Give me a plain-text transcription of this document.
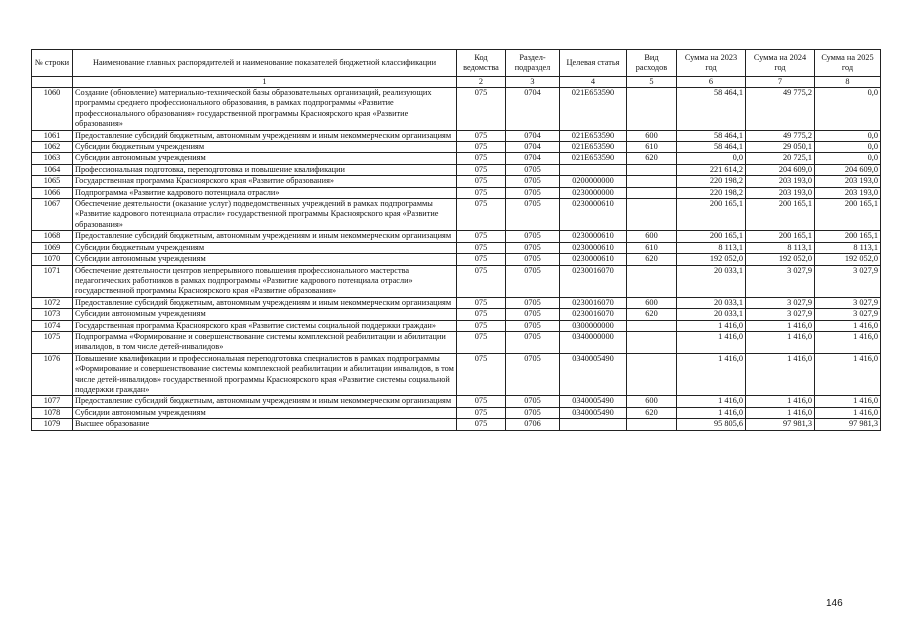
№ строки	Наименование главных распорядителей и наименование показателей бюджетной классификации	Код ведомства	Раздел-подраздел	Целевая статья	Вид расходов	Сумма на 2023 год	Сумма на 2024 год	Сумма на 2025 год
	1	2	3	4	5	6	7	8
1060	Создание (обновление) материально-технической базы образовательных организаций, реализующих программы среднего профессионального образования, в рамках подпрограммы «Развитие профессионального образования» государственной программы Красноярского края «Развитие образования»	075	0704	021E653590		58 464,1	49 775,2	0,0
1061	Предоставление субсидий бюджетным, автономным учреждениям и иным некоммерческим организациям	075	0704	021E653590	600	58 464,1	49 775,2	0,0
1062	Субсидии бюджетным учреждениям	075	0704	021E653590	610	58 464,1	29 050,1	0,0
1063	Субсидии автономным учреждениям	075	0704	021E653590	620	0,0	20 725,1	0,0
1064	Профессиональная подготовка, переподготовка и повышение квалификации	075	0705			221 614,2	204 609,0	204 609,0
1065	Государственная программа Красноярского края «Развитие образования»	075	0705	0200000000		220 198,2	203 193,0	203 193,0
1066	Подпрограмма «Развитие кадрового потенциала отрасли»	075	0705	0230000000		220 198,2	203 193,0	203 193,0
1067	Обеспечение деятельности (оказание услуг) подведомственных учреждений в рамках подпрограммы «Развитие кадрового потенциала отрасли» государственной программы Красноярского края «Развитие образования»	075	0705	0230000610		200 165,1	200 165,1	200 165,1
1068	Предоставление субсидий бюджетным, автономным учреждениям и иным некоммерческим организациям	075	0705	0230000610	600	200 165,1	200 165,1	200 165,1
1069	Субсидии бюджетным учреждениям	075	0705	0230000610	610	8 113,1	8 113,1	8 113,1
1070	Субсидии автономным учреждениям	075	0705	0230000610	620	192 052,0	192 052,0	192 052,0
1071	Обеспечение деятельности центров непрерывного повышения профессионального мастерства педагогических работников в рамках подпрограммы «Развитие кадрового потенциала отрасли» государственной программы Красноярского края «Развитие образования»	075	0705	0230016070		20 033,1	3 027,9	3 027,9
1072	Предоставление субсидий бюджетным, автономным учреждениям и иным некоммерческим организациям	075	0705	0230016070	600	20 033,1	3 027,9	3 027,9
1073	Субсидии автономным учреждениям	075	0705	0230016070	620	20 033,1	3 027,9	3 027,9
1074	Государственная программа Красноярского края «Развитие системы социальной поддержки граждан»	075	0705	0300000000		1 416,0	1 416,0	1 416,0
1075	Подпрограмма «Формирование и совершенствование системы комплексной реабилитации и абилитации инвалидов, в том числе детей-инвалидов»	075	0705	0340000000		1 416,0	1 416,0	1 416,0
1076	Повышение квалификации и профессиональная переподготовка специалистов в рамках подпрограммы «Формирование и совершенствование системы комплексной реабилитации и абилитации инвалидов, в том числе детей-инвалидов» государственной программы Красноярского края «Развитие системы социальной поддержки граждан»	075	0705	0340005490		1 416,0	1 416,0	1 416,0
1077	Предоставление субсидий бюджетным, автономным учреждениям и иным некоммерческим организациям	075	0705	0340005490	600	1 416,0	1 416,0	1 416,0
1078	Субсидии автономным учреждениям	075	0705	0340005490	620	1 416,0	1 416,0	1 416,0
1079	Высшее образование	075	0706			95 805,6	97 981,3	97 981,3
146
